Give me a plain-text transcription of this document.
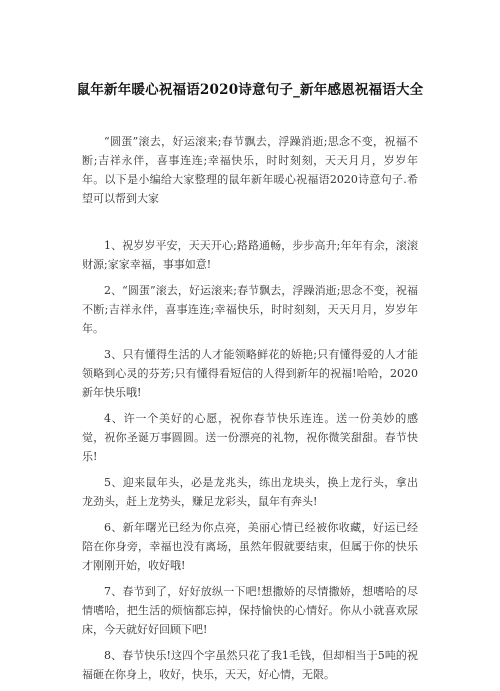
鼠年新年暖心祝福语2020诗意句子_新年感恩祝福语大全

“圆蛋”滚去，好运滚来;春节飘去，浮躁消逝;思念不变，祝福不断;吉祥永伴，喜事连连;幸福快乐，时时刻刻，天天月月，岁岁年年。以下是小编给大家整理的鼠年新年暖心祝福语2020诗意句子.希望可以帮到大家

1、祝岁岁平安，天天开心;路路通畅，步步高升;年年有余，滚滚财源;家家幸福，事事如意!
2、“圆蛋”滚去，好运滚来;春节飘去，浮躁消逝;思念不变，祝福不断;吉祥永伴，喜事连连;幸福快乐，时时刻刻，天天月月，岁岁年年。
3、只有懂得生活的人才能领略鲜花的娇艳;只有懂得爱的人才能领略到心灵的芬芳;只有懂得看短信的人得到新年的祝福!哈哈，2020新年快乐哦!
4、许一个美好的心愿，祝你春节快乐连连。送一份美妙的感觉，祝你圣诞万事圆圆。送一份漂亮的礼物，祝你微笑甜甜。春节快乐!
5、迎来鼠年头，必是龙兆头，练出龙块头，换上龙行头，拿出龙劲头，赶上龙势头，赚足龙彩头，鼠年有奔头!
6、新年曙光已经为你点亮，美丽心情已经被你收藏，好运已经陪在你身旁，幸福也没有离场，虽然年假就要结束，但属于你的快乐才刚刚开始，收好哦!
7、春节到了，好好放纵一下吧!想撒娇的尽情撒娇，想嗜哈的尽情嗜哈，把生活的烦恼都忘掉，保持愉快的心情好。你从小就喜欢尿床，今天就好好回顾下吧!
8、春节快乐!这四个字虽然只花了我1毛钱，但却相当于5吨的祝福砸在你身上，收好，快乐，天天，好心情，无限。
